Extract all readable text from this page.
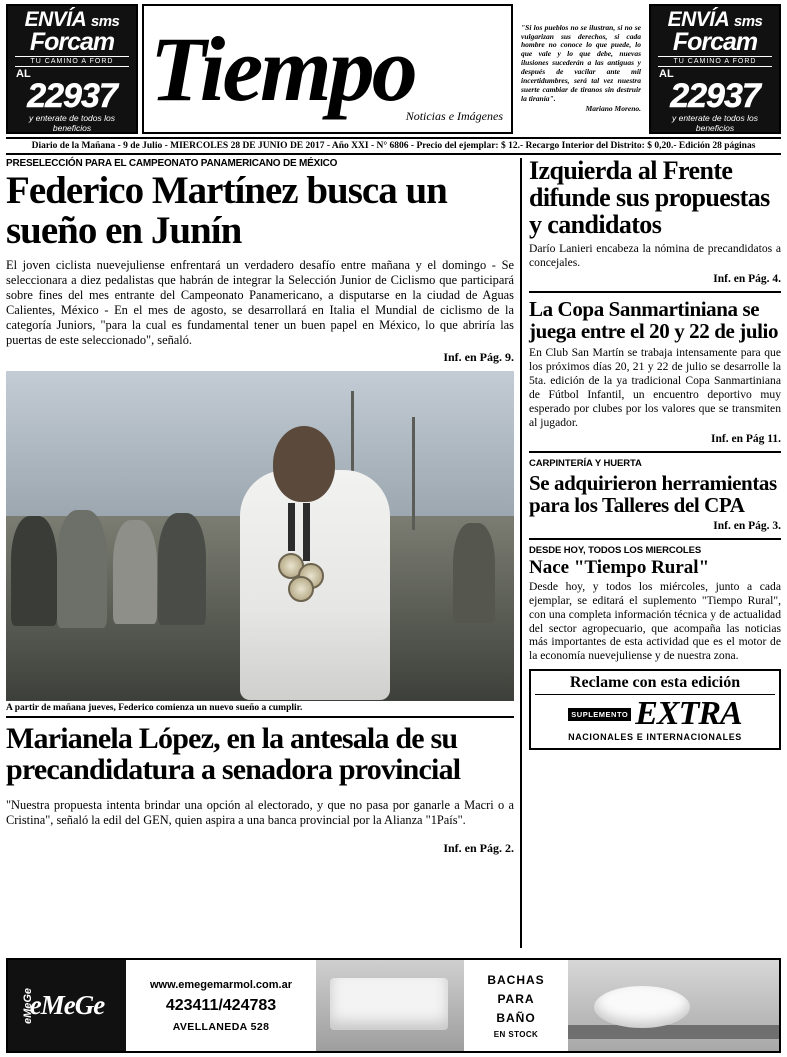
ENVÍA sms
Forcam
TU CAMINO A FORD
AL
22937
y enterate de todos los beneficios
Tiempo
Noticias e Imágenes
"Si los pueblos no se ilustran, si no se vulgarizan sus derechos, si cada hombre no conoce lo que puede, lo que vale y lo que debe, nuevas ilusiones sucederán a las antiguas y después de vacilar ante mil incertidumbres, será tal vez nuestra suerte cambiar de tiranos sin destruir la tiranía".
Mariano Moreno.
ENVÍA sms
Forcam
TU CAMINO A FORD
AL
22937
y enterate de todos los beneficios
Diario de la Mañana - 9 de Julio - MIERCOLES 28 DE JUNIO DE 2017 - Año XXI - N° 6806 - Precio del ejemplar: $ 12.- Recargo Interior del Distrito: $ 0,20.- Edición 28 páginas
PRESELECCIÓN PARA EL CAMPEONATO PANAMERICANO DE MÉXICO
Federico Martínez busca un sueño en Junín

El joven ciclista nuevejuliense enfrentará un verdadero desafío entre mañana y el domingo - Se seleccionara a diez pedalistas que habrán de integrar la Selección Junior de Ciclismo que participará sobre fines del mes entrante del Campeonato Panamericano, a disputarse en la ciudad de Aguas Calientes, México - En el mes de agosto, se desarrollará en Italia el Mundial de ciclismo de la categoría Juniors, "para la cual es fundamental tener un buen papel en México, lo que abriría las puertas de este seleccionado", señaló.

Inf. en Pág. 9.
A partir de mañana jueves, Federico comienza un nuevo sueño a cumplir.
Marianela López, en la antesala de su precandidatura a senadora provincial

"Nuestra propuesta intenta brindar una opción al electorado, y que no pasa por ganarle a Macri o a Cristina", señaló la edil del GEN, quien aspira a una banca provincial por la Alianza "1País".

Inf. en Pág. 2.
Izquierda al Frente difunde sus propuestas y candidatos

Darío Lanieri encabeza la nómina de precandidatos a concejales.

Inf. en Pág. 4.
La Copa Sanmartiniana se juega entre el 20 y 22 de julio

En Club San Martín se trabaja intensamente para que los próximos días 20, 21 y 22 de julio se desarrolle la 5ta. edición de la ya tradicional Copa Sanmartiniana de Fútbol Infantil, un encuentro deportivo muy esperado por clubes por los valores que se transmiten al jugador.

Inf. en Pág 11.
CARPINTERÍA Y HUERTA
Se adquirieron herramientas para los Talleres del CPA
Inf. en Pág. 3.
DESDE HOY, TODOS LOS MIERCOLES
Nace "Tiempo Rural"

Desde hoy, y todos los miércoles, junto a cada ejemplar, se editará el suplemento "Tiempo Rural", con una completa información técnica y de actualidad del sector agropecuario, que acompaña las noticias más importantes de esta actividad que es el motor de la economía nuevejuliense y de nuestra zona.

Reclame con esta edición
SUPLEMENTO EXTRA
NACIONALES E INTERNACIONALES
eMeGe
eMeGe
www.emegemarmol.com.ar
423411/424783
AVELLANEDA 528
BACHAS
PARA
BAÑO
EN STOCK
